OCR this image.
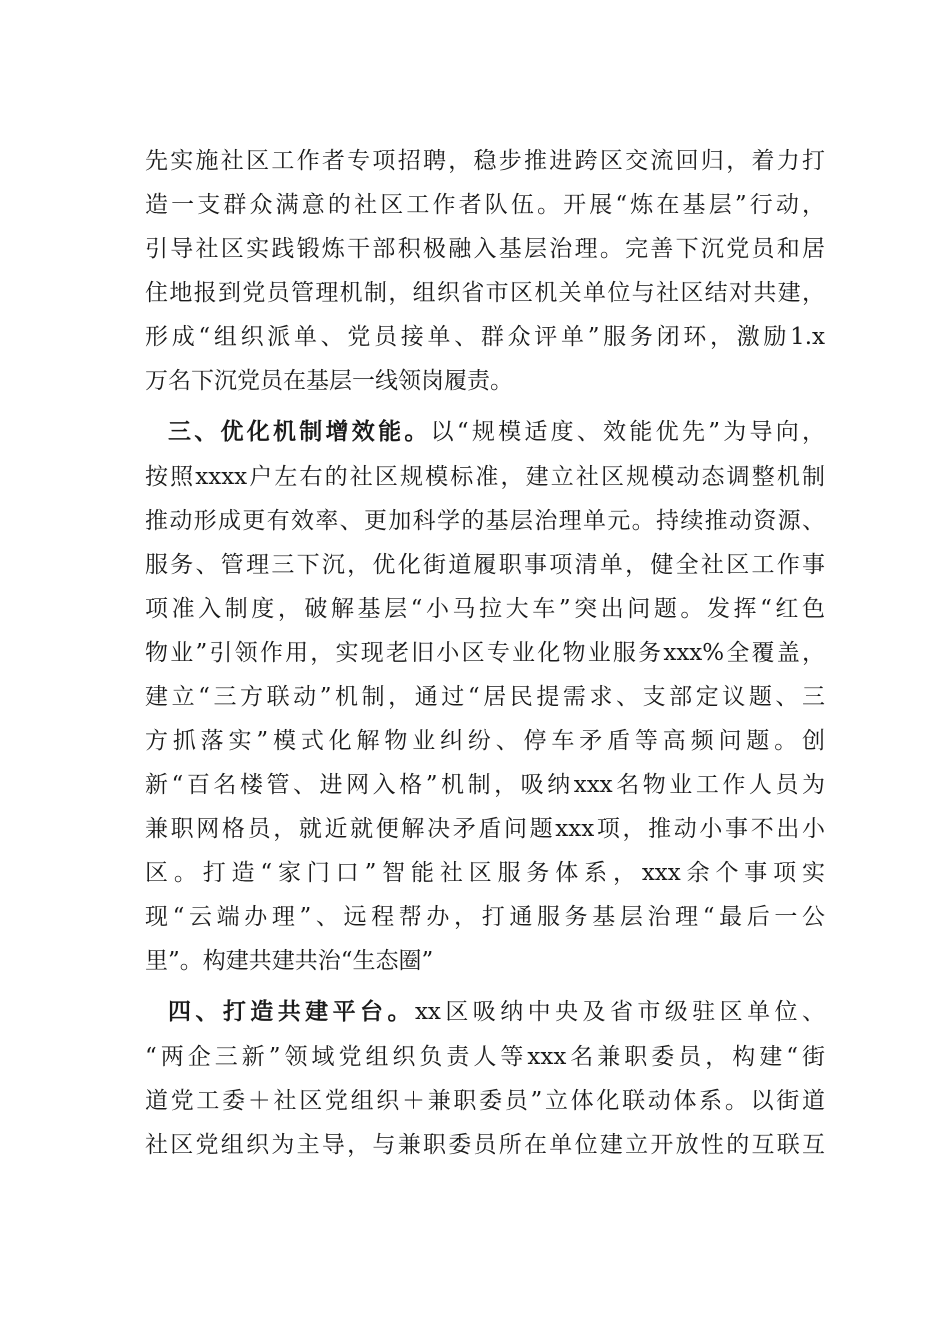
先实施社区工作者专项招聘，稳步推进跨区交流回归，着力打
造一支群众满意的社区工作者队伍。开展“炼在基层”行动，
引导社区实践锻炼干部积极融入基层治理。完善下沉党员和居
住地报到党员管理机制，组织省市区机关单位与社区结对共建，
形成“组织派单、党员接单、群众评单”服务闭环，激励1.x
万名下沉党员在基层一线领岗履责。
三、优化机制增效能。以“规模适度、效能优先”为导向，
按照xxxx户左右的社区规模标准，建立社区规模动态调整机制
推动形成更有效率、更加科学的基层治理单元。持续推动资源、
服务、管理三下沉，优化街道履职事项清单，健全社区工作事
项准入制度，破解基层“小马拉大车”突出问题。发挥“红色
物业”引领作用，实现老旧小区专业化物业服务xxx%全覆盖，
建立“三方联动”机制，通过“居民提需求、支部定议题、三
方抓落实”模式化解物业纠纷、停车矛盾等高频问题。创
新“百名楼管、进网入格”机制，吸纳xxx名物业工作人员为
兼职网格员，就近就便解决矛盾问题xxx项，推动小事不出小
区。打造“家门口”智能社区服务体系，xxx余个事项实
现“云端办理”、远程帮办，打通服务基层治理“最后一公
里”。构建共建共治“生态圈”
四、打造共建平台。xx区吸纳中央及省市级驻区单位、
“两企三新”领域党组织负责人等xxx名兼职委员，构建“街
道党工委＋社区党组织＋兼职委员”立体化联动体系。以街道
社区党组织为主导，与兼职委员所在单位建立开放性的互联互
